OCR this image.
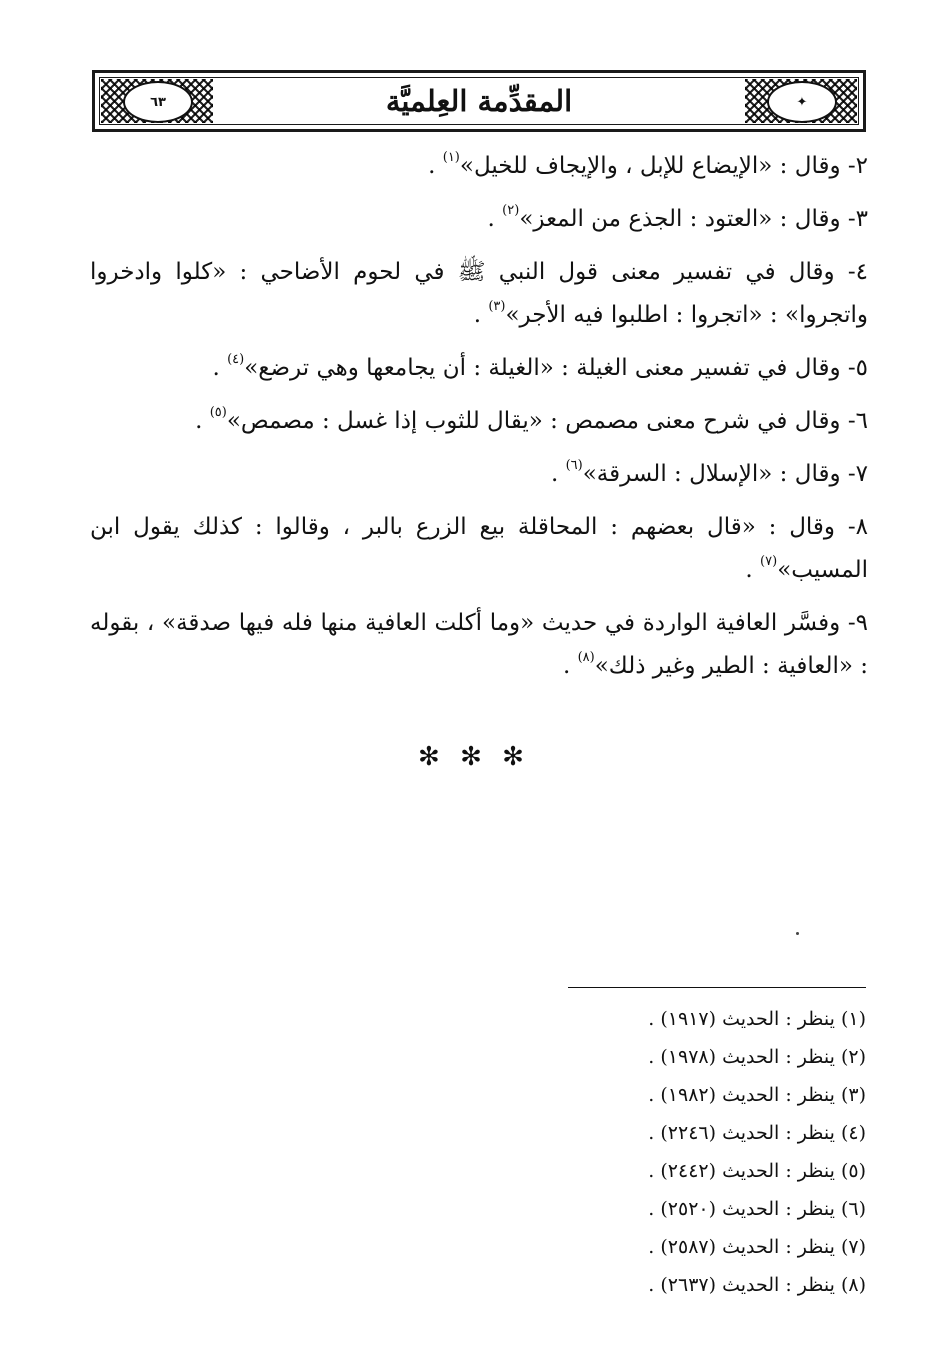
✦
المقدِّمة العِلميَّة
٦٣

٢- وقال : «الإيضاع للإبل ، والإيجاف للخيل»$^{(١)}$ .

٣- وقال : «العتود : الجذع من المعز»$^{(٢)}$ .

٤- وقال في تفسير معنى قول النبي ﷺ في لحوم الأضاحي : «كلوا وادخروا واتجروا» : «اتجروا : اطلبوا فيه الأجر»$^{(٣)}$ .

٥- وقال في تفسير معنى الغيلة : «الغيلة : أن يجامعها وهي ترضع»$^{(٤)}$ .

٦- وقال في شرح معنى مصمص : «يقال للثوب إذا غسل : مصمص»$^{(٥)}$ .

٧- وقال : «الإسلال : السرقة»$^{(٦)}$ .

٨- وقال : «قال بعضهم : المحاقلة بيع الزرع بالبر ، وقالوا : كذلك يقول ابن المسيب»$^{(٧)}$ .

٩- وفسَّر العافية الواردة في حديث «وما أكلت العافية منها فله فيها صدقة» ، بقوله : «العافية : الطير وغير ذلك»$^{(٨)}$ .

✻ ✻ ✻
(١) ينظر : الحديث (١٩١٧) .
(٢) ينظر : الحديث (١٩٧٨) .
(٣) ينظر : الحديث (١٩٨٢) .
(٤) ينظر : الحديث (٢٢٤٦) .
(٥) ينظر : الحديث (٢٤٤٢) .
(٦) ينظر : الحديث (٢٥٢٠) .
(٧) ينظر : الحديث (٢٥٨٧) .
(٨) ينظر : الحديث (٢٦٣٧) .
